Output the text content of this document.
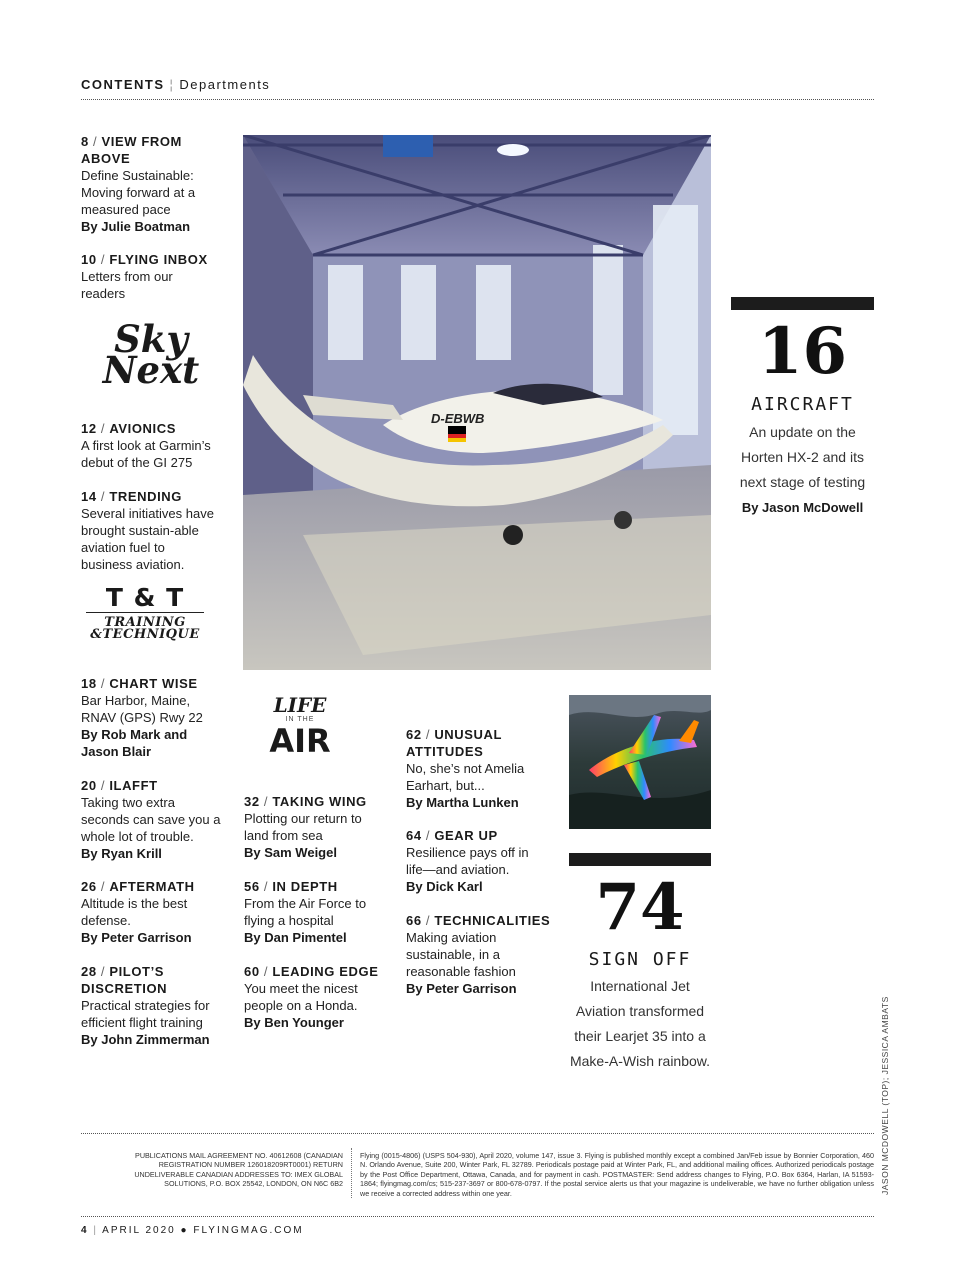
CONTENTS ¦ Departments
8 / VIEW FROM ABOVE
Define Sustainable: Moving forward at a measured pace
By Julie Boatman
10 / FLYING INBOX
Letters from our readers
Sky
Next
12 / AVIONICS
A first look at Garmin’s debut of the GI 275
14 / TRENDING
Several initiatives have brought sustain-able aviation fuel to business aviation.
T & T
TRAINING
&TECHNIQUE
18 / CHART WISE
Bar Harbor, Maine, RNAV (GPS) Rwy 22
By Rob Mark and Jason Blair
20 / ILAFFT
Taking two extra seconds can save you a whole lot of trouble.
By Ryan Krill
26 / AFTERMATH
Altitude is the best defense.
By Peter Garrison
28 / PILOT’S DISCRETION
Practical strategies for efficient flight training
By John Zimmerman
D-EBWB
16
AIRCRAFT
An update on the Horten HX-2 and its next stage of testing
By Jason McDowell
LIFE
IN THE
AIR
32 / TAKING WING
Plotting our return to land from sea
By Sam Weigel
56 / IN DEPTH
From the Air Force to flying a hospital
By Dan Pimentel
60 / LEADING EDGE
You meet the nicest people on a Honda.
By Ben Younger
62 / UNUSUAL ATTITUDES
No, she’s not Amelia Earhart, but...
By Martha Lunken
64 / GEAR UP
Resilience pays off in life—and aviation.
By Dick Karl
66 / TECHNICALITIES
Making aviation sustainable, in a reasonable fashion
By Peter Garrison
74
SIGN OFF
International Jet Aviation transformed their Learjet 35 into a Make-A-Wish rainbow.	JASON MCDOWELL (TOP); JESSICA AMBATS
PUBLICATIONS MAIL AGREEMENT NO. 40612608 (CANADIAN REGISTRATION NUMBER 126018209RT0001) RETURN UNDELIVERABLE CANADIAN ADDRESSES TO: IMEX GLOBAL SOLUTIONS, P.O. BOX 25542, LONDON, ON N6C 6B2
Flying (0015-4806) (USPS 504-930), April 2020, volume 147, issue 3. Flying is published monthly except a combined Jan/Feb issue by Bonnier Corporation, 460 N. Orlando Avenue, Suite 200, Winter Park, FL 32789. Periodicals postage paid at Winter Park, FL, and additional mailing offices. Authorized periodicals postage by the Post Office Department, Ottawa, Canada, and for payment in cash. POSTMASTER: Send address changes to Flying, P.O. Box 6364, Harlan, IA 51593-1864; flyingmag.com/cs; 515-237-3697 or 800-678-0797. If the postal service alerts us that your magazine is undeliverable, we have no further obligation unless we receive a corrected address within one year.
4 | APRIL 2020 ● FLYINGMAG.COM
